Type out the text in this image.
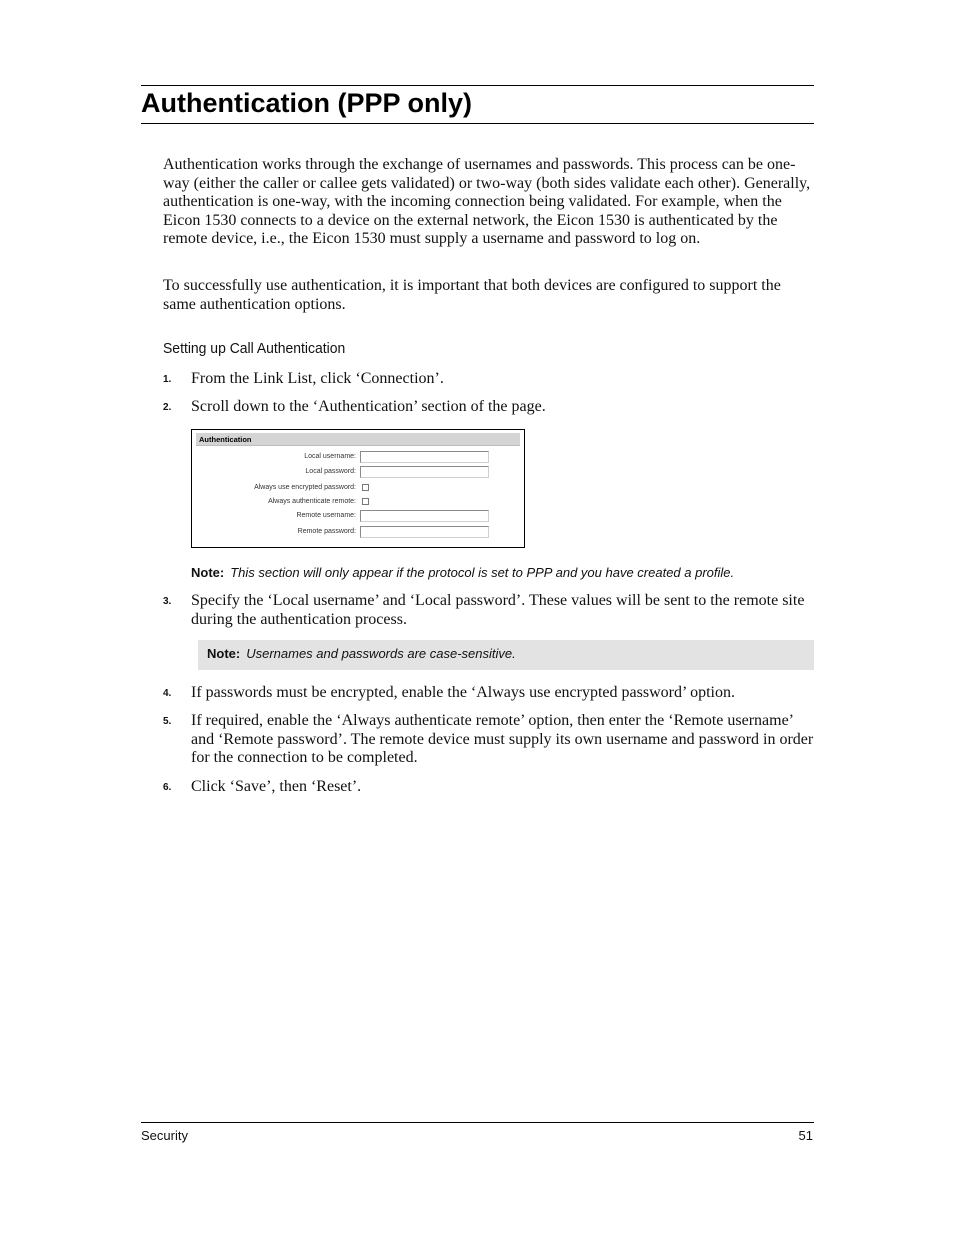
Authentication (PPP only)

Authentication works through the exchange of usernames and passwords. This process can be one-way (either the caller or callee gets validated) or two-way (both sides validate each other). Generally, authentication is one-way, with the incoming connection being validated. For example, when the Eicon 1530 connects to a device on the external network, the Eicon 1530 is authenticated by the remote device, i.e., the Eicon 1530 must supply a username and password to log on.

To successfully use authentication, it is important that both devices are configured to support the same authentication options.

Setting up Call Authentication
1. From the Link List, click ‘Connection’.

2. Scroll down to the ‘Authentication’ section of the page.

Authentication
Local username:
Local password:
Always use encrypted password:
Always authenticate remote:
Remote username:
Remote password:
Note: This section will only appear if the protocol is set to PPP and you have created a profile.
3. Specify the ‘Local username’ and ‘Local password’. These values will be sent to the remote site during the authentication process.

Note: Usernames and passwords are case-sensitive.
4. If passwords must be encrypted, enable the ‘Always use encrypted password’ option.

5. If required, enable the ‘Always authenticate remote’ option, then enter the ‘Remote username’ and ‘Remote password’. The remote device must supply its own username and password in order for the connection to be completed.

6. Click ‘Save’, then ‘Reset’.

Security	51
